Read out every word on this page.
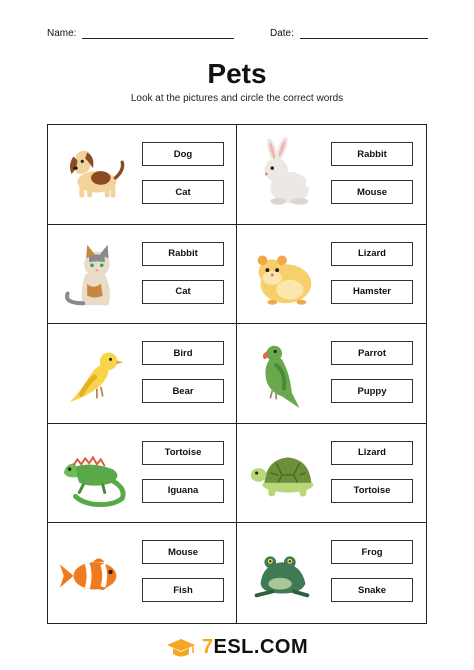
Name:	Date:
Pets
Look at the pictures and circle the correct words
Dog
Cat
Rabbit
Mouse
Rabbit
Cat
Lizard
Hamster
Bird
Bear
Parrot
Puppy
Tortoise
Iguana
Lizard
Tortoise
Mouse
Fish
Frog
Snake
7ESL.COM
